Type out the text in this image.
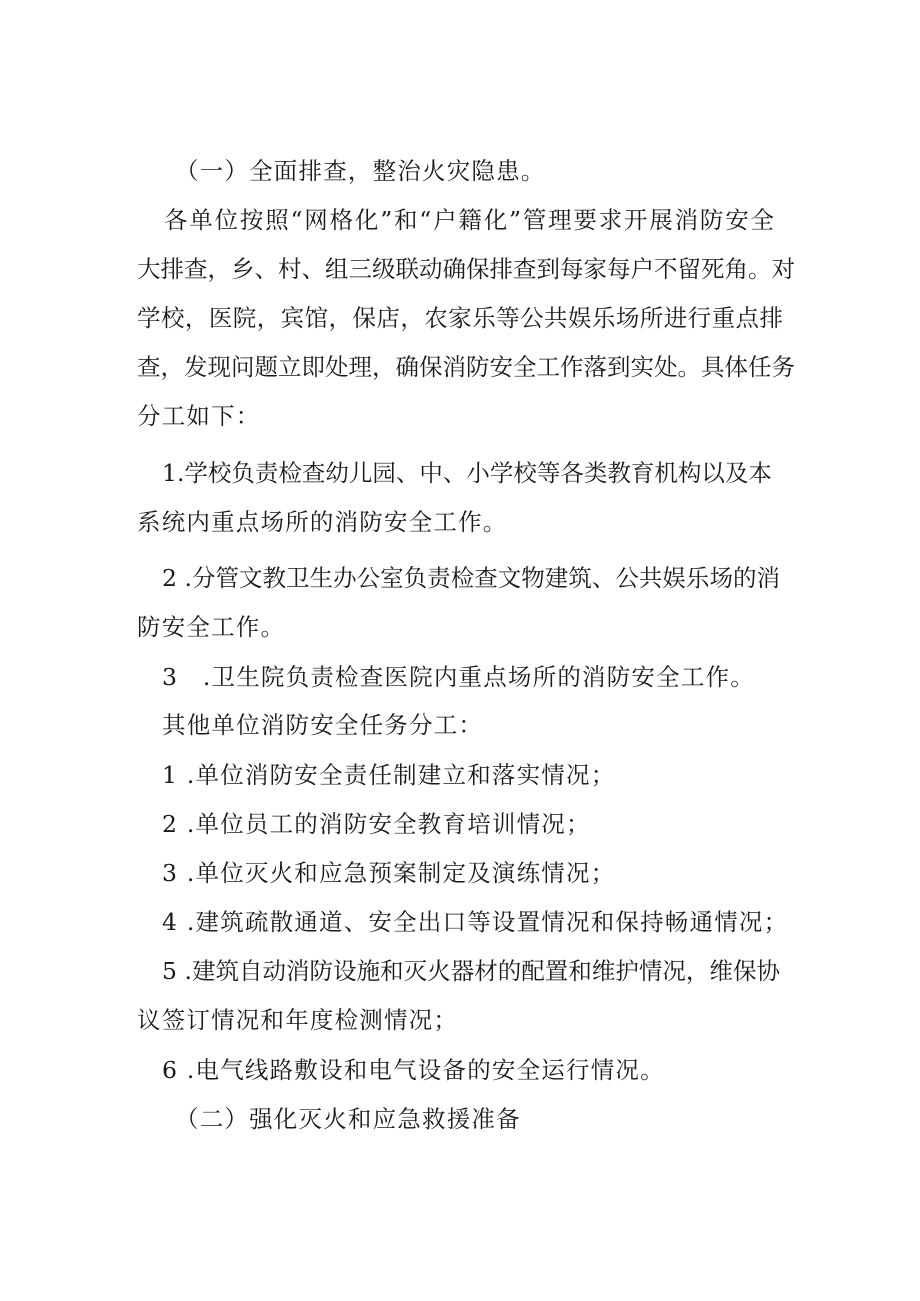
（一）全面排查，整治火灾隐患。
各单位按照“网格化”和“户籍化”管理要求开展消防安全
大排查，乡、村、组三级联动确保排查到每家每户不留死角。对
学校，医院，宾馆，保店，农家乐等公共娱乐场所进行重点排
查，发现问题立即处理，确保消防安全工作落到实处。具体任务
分工如下：
1.学校负责检查幼儿园、中、小学校等各类教育机构以及本
系统内重点场所的消防安全工作。
2 .分管文教卫生办公室负责检查文物建筑、公共娱乐场的消
防安全工作。
3　.卫生院负责检查医院内重点场所的消防安全工作。
其他单位消防安全任务分工：
1 .单位消防安全责任制建立和落实情况；
2 .单位员工的消防安全教育培训情况；
3 .单位灭火和应急预案制定及演练情况；
4 .建筑疏散通道、安全出口等设置情况和保持畅通情况；
5 .建筑自动消防设施和灭火器材的配置和维护情况，维保协
议签订情况和年度检测情况；
6 .电气线路敷设和电气设备的安全运行情况。
（二）强化灭火和应急救援准备
